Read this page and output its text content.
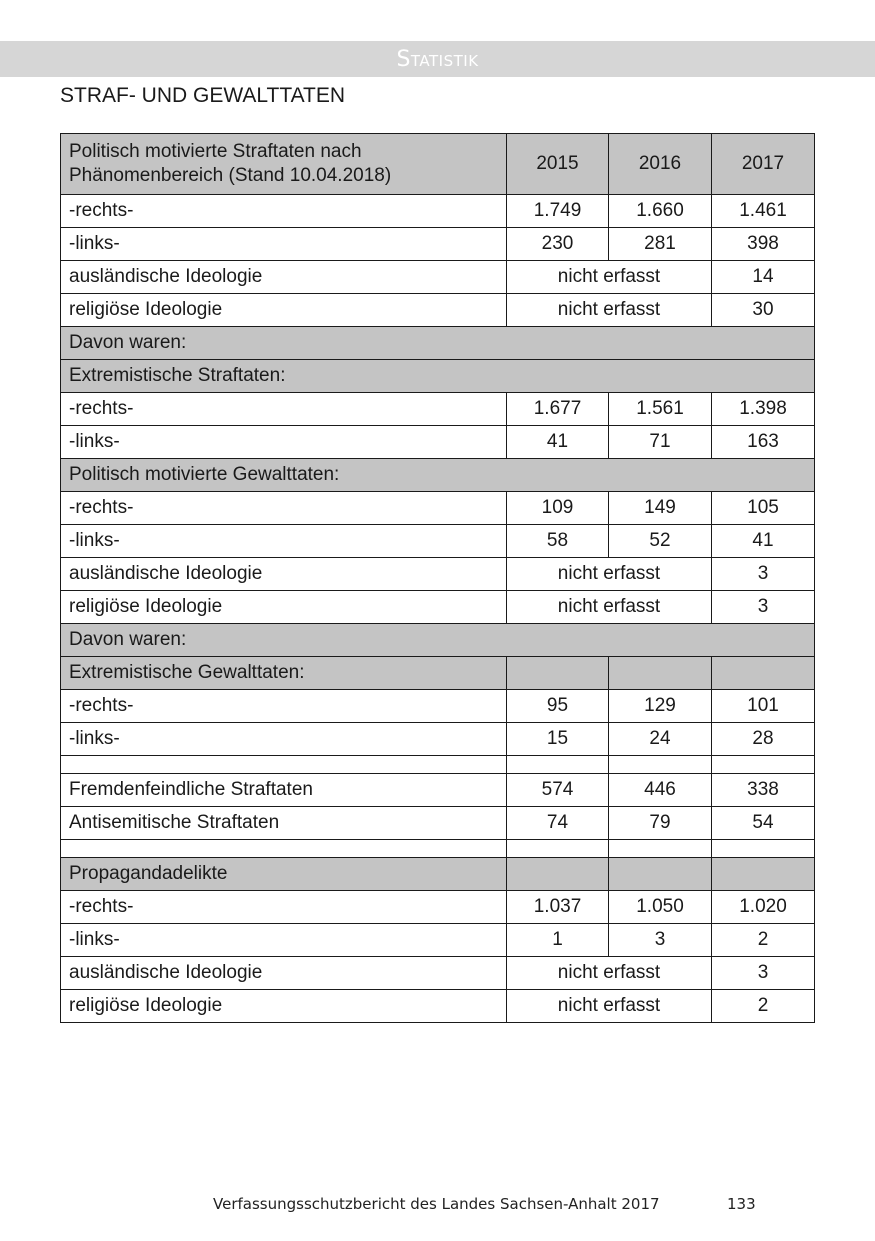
Statistik
STRAF- UND GEWALTTATEN
Politisch motivierte Straftaten nach
Phänomenbereich (Stand 10.04.2018)	2015	2016	2017
-rechts-	1.749	1.660	1.461
-links-	230	281	398
ausländische Ideologie	nicht erfasst		14
religiöse Ideologie	nicht erfasst		30
Davon waren:			
Extremistische Straftaten:			
-rechts-	1.677	1.561	1.398
-links-	41	71	163
Politisch motivierte Gewalttaten:			
-rechts-	109	149	105
-links-	58	52	41
ausländische Ideologie	nicht erfasst		3
religiöse Ideologie	nicht erfasst		3
Davon waren:			
Extremistische Gewalttaten:			
-rechts-	95	129	101
-links-	15	24	28

Fremdenfeindliche Straftaten	574	446	338
Antisemitische Straftaten	74	79	54

Propagandadelikte			
-rechts-	1.037	1.050	1.020
-links-	1	3	2
ausländische Ideologie	nicht erfasst		3
religiöse Ideologie	nicht erfasst		2
Verfassungsschutzbericht des Landes Sachsen-Anhalt 2017	133
